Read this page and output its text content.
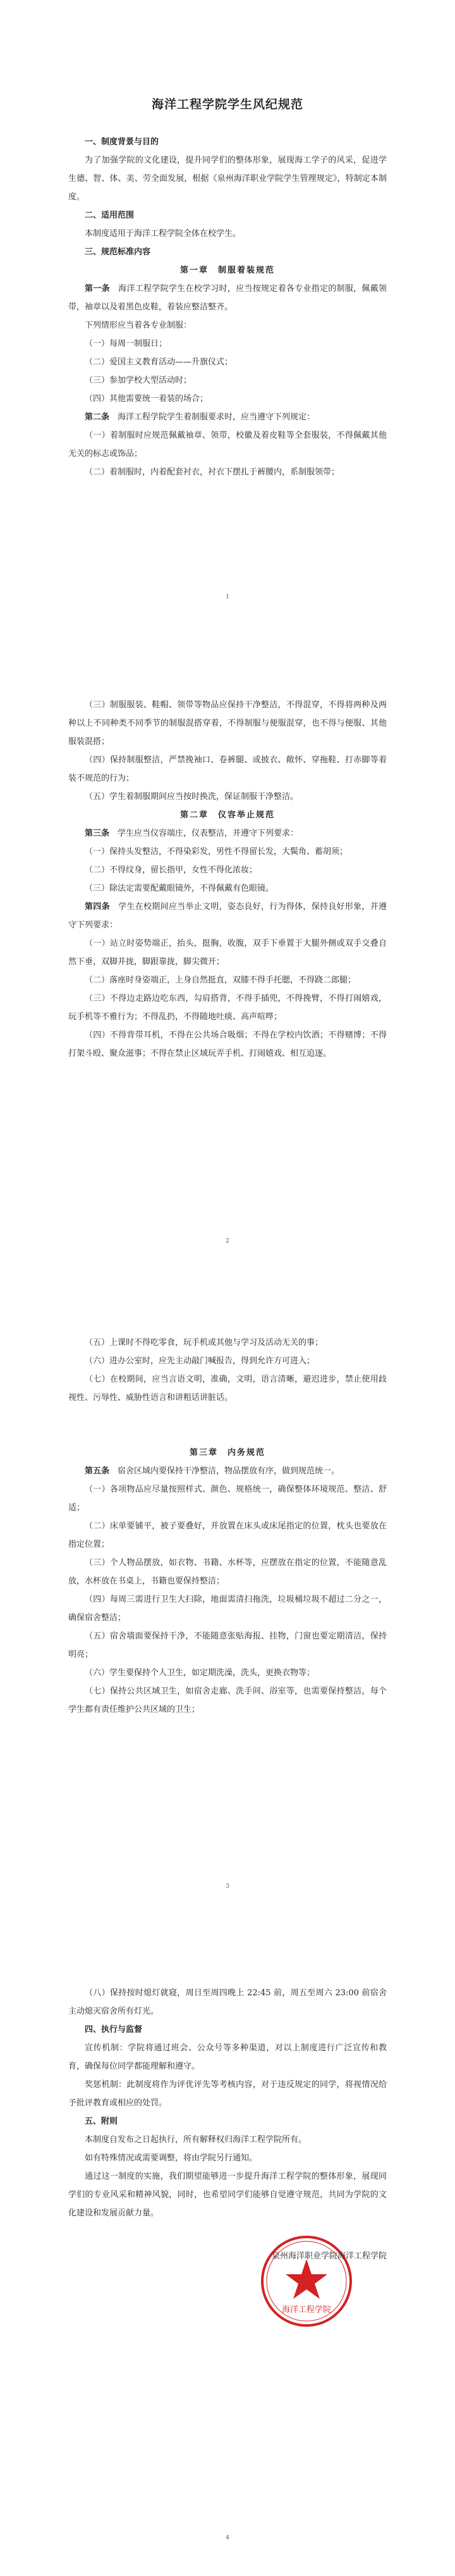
海洋工程学院学生风纪规范

一、制度背景与目的

为了加强学院的文化建设，提升同学们的整体形象，展现海工学子的风采，促进学生德、智、体、美、劳全面发展，根据《泉州海洋职业学院学生管理规定》，特制定本制度。

二、适用范围

本制度适用于海洋工程学院全体在校学生。

三、规范标准内容

第一章　制服着装规范

第一条　 海洋工程学院学生在校学习时，应当按规定着各专业指定的制服，佩戴领带，袖章以及着黑色皮鞋，着装应整洁整齐。

下列情形应当着各专业制服：

（一）每周一制服日；

（二）爱国主义教育活动——升旗仪式；

（三）参加学校大型活动时；

（四）其他需要统一着装的场合；

第二条　 海洋工程学院学生着制服要求时，应当遵守下列规定：

（一）着制服时应规范佩戴袖章、领带，校徽及着皮鞋等全套服装，不得佩戴其他无关的标志或饰品；

（二）着制服时，内着配套衬衣，衬衣下摆扎于裤腰内，系制服领带；

1

（三）制服服装、鞋帽、领带等物品应保持干净整洁，不得混穿，不得将两种及两种以上不同种类不同季节的制服混搭穿着，不得制服与便服混穿，也不得与便服、其他服装混搭；

（四）保持制服整洁，严禁挽袖口、卷裤腿、或披衣、敞怀、穿拖鞋、打赤脚等着装不规范的行为；

（五）学生着制服期间应当按时换洗，保证制服干净整洁。

第二章　仪容举止规范

第三条　 学生应当仪容端庄，仪表整洁，并遵守下列要求：

（一）保持头发整洁，不得染彩发，男性不得留长发，大鬓角、蓄胡须；

（二）不得纹身，留长指甲，女性不得化浓妆；

（三）除法定需要配戴眼镜外，不得佩戴有色眼镜。

第四条　 学生在校期间应当举止文明，姿态良好，行为得体，保持良好形象，并遵守下列要求：

（一）站立时姿势端正，抬头，挺胸，收腹，双手下垂置于大腿外侧或双手交叠自然下垂，双脚并拢，脚跟靠拢，脚尖微开；

（二）落座时身姿端正，上身自然挺直，双膝不得手托腮，不得跷二郎腿；

（三）不得边走路边吃东西，勾肩搭背，不得手插兜，不得挽臂，不得打闹嬉戏，玩手机等不雅行为；不得乱扔，不得随地吐痰、高声喧哗；

（四）不得背带耳机，不得在公共场合吸烟；不得在学校内饮酒；不得赌博；不得打架斗殴、聚众滋事；不得在禁止区域玩弄手机、打闹嬉戏、相互追逐。

2

（五）上课时不得吃零食，玩手机或其他与学习及活动无关的事；

（六）进办公室时，应先主动敲门喊报告，得到允许方可进入；

（七）在校期间，应当言语文明，准确，文明，语言清晰，避迟进步，禁止使用歧视性、污辱性、威胁性语言和讲粗话讲脏话。

第三章　内务规范

第五条　 宿舍区域内要保持干净整洁，物品摆放有序，做到规范统一。

（一）各项物品应尽量按照样式、颜色、规格统一，确保整体环境规范、整洁、舒适；

（二）床单要铺平，被子要叠好，并放置在床头或床尾指定的位置，枕头也要放在指定位置；

（三）个人物品摆放，如衣物、书籍、水杯等，应摆放在指定的位置，不能随意乱放，水杯放在书桌上，书籍也要保持整洁；

（四）每周三需进行卫生大扫除，地面需清扫拖洗，垃圾桶垃圾不超过二分之一，确保宿舍整洁；

（五）宿舍墙面要保持干净，不能随意张贴海报、挂物，门窗也要定期清洁，保持明亮；

（六）学生要保持个人卫生，如定期洗澡，洗头，更换衣物等；

（七）保持公共区域卫生，如宿舍走廊、洗手间、浴室等，也需要保持整洁，每个学生都有责任维护公共区域的卫生；

3

（八）保持按时熄灯就寝，周日至周四晚上 22:45 前，周五至周六 23:00 前宿舍主动熄灭宿舍所有灯光。

四、执行与监督

宣传机制：学院将通过班会、公众号等多种渠道，对以上制度进行广泛宣传和教育，确保每位同学都能理解和遵守。

奖惩机制：此制度将作为评优评先等考核内容，对于违反规定的同学，将视情况给予批评教育或相应的处罚。

五、附则

本制度自发布之日起执行，所有解释权归海洋工程学院所有。

如有特殊情况或需要调整，将由学院另行通知。

通过这一制度的实施，我们期望能够进一步提升海洋工程学院的整体形象，展现同学们的专业风采和精神风貌，同时，也希望同学们能够自觉遵守规范，共同为学院的文化建设和发展贡献力量。

海洋工程学院
泉州海洋职业学院海洋工程学院
4
